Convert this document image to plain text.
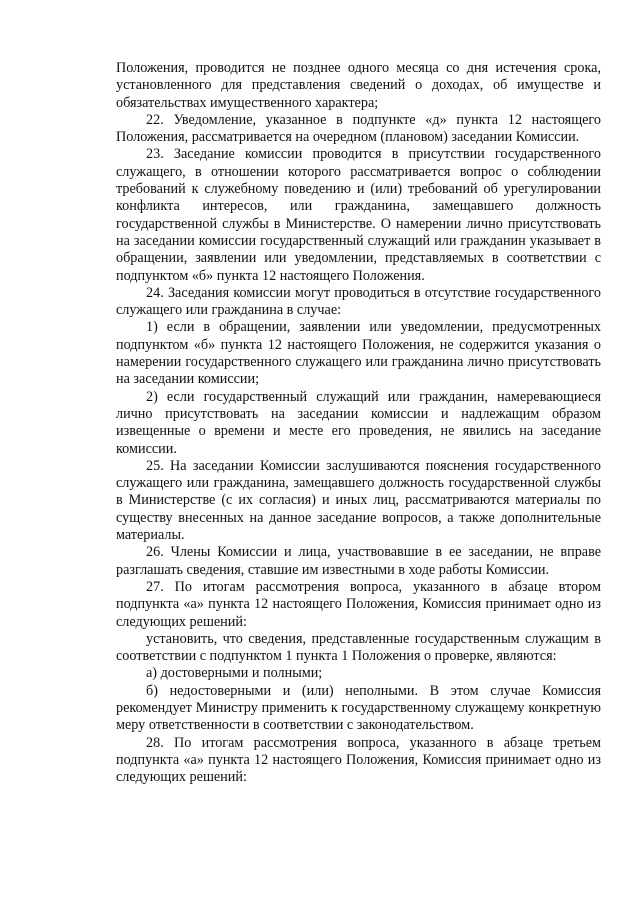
Положения, проводится не позднее одного месяца со дня истечения срока, установленного для представления сведений о доходах, об имуществе и обязательствах имущественного характера;

22. Уведомление, указанное в подпункте «д» пункта 12 настоящего Положения, рассматривается на очередном (плановом) заседании Комиссии.

23. Заседание комиссии проводится в присутствии государственного служащего, в отношении которого рассматривается вопрос о соблюдении требований к служебному поведению и (или) требований об урегулировании конфликта интересов, или гражданина, замещавшего должность государственной службы в Министерстве. О намерении лично присутствовать на заседании комиссии государственный служащий или гражданин указывает в обращении, заявлении или уведомлении, представляемых в соответствии с подпунктом «б» пункта 12 настоящего Положения.

24. Заседания комиссии могут проводиться в отсутствие государственного служащего или гражданина в случае:

1) если в обращении, заявлении или уведомлении, предусмотренных подпунктом «б» пункта 12 настоящего Положения, не содержится указания о намерении государственного служащего или гражданина лично присутствовать на заседании комиссии;

2) если государственный служащий или гражданин, намеревающиеся лично присутствовать на заседании комиссии и надлежащим образом извещенные о времени и месте его проведения, не явились на заседание комиссии.

25. На заседании Комиссии заслушиваются пояснения государственного служащего или гражданина, замещавшего должность государственной службы в Министерстве (с их согласия) и иных лиц, рассматриваются материалы по существу внесенных на данное заседание вопросов, а также дополнительные материалы.

26. Члены Комиссии и лица, участвовавшие в ее заседании, не вправе разглашать сведения, ставшие им известными в ходе работы Комиссии.

27. По итогам рассмотрения вопроса, указанного в абзаце втором подпункта «а» пункта 12 настоящего Положения, Комиссия принимает одно из следующих решений:

установить, что сведения, представленные государственным служащим в соответствии с подпунктом 1 пункта 1 Положения о проверке, являются:

а) достоверными и полными;

б) недостоверными и (или) неполными. В этом случае Комиссия рекомендует Министру применить к государственному служащему конкретную меру ответственности в соответствии с законодательством.

28. По итогам рассмотрения вопроса, указанного в абзаце третьем подпункта «а» пункта 12 настоящего Положения, Комиссия принимает одно из следующих решений:
